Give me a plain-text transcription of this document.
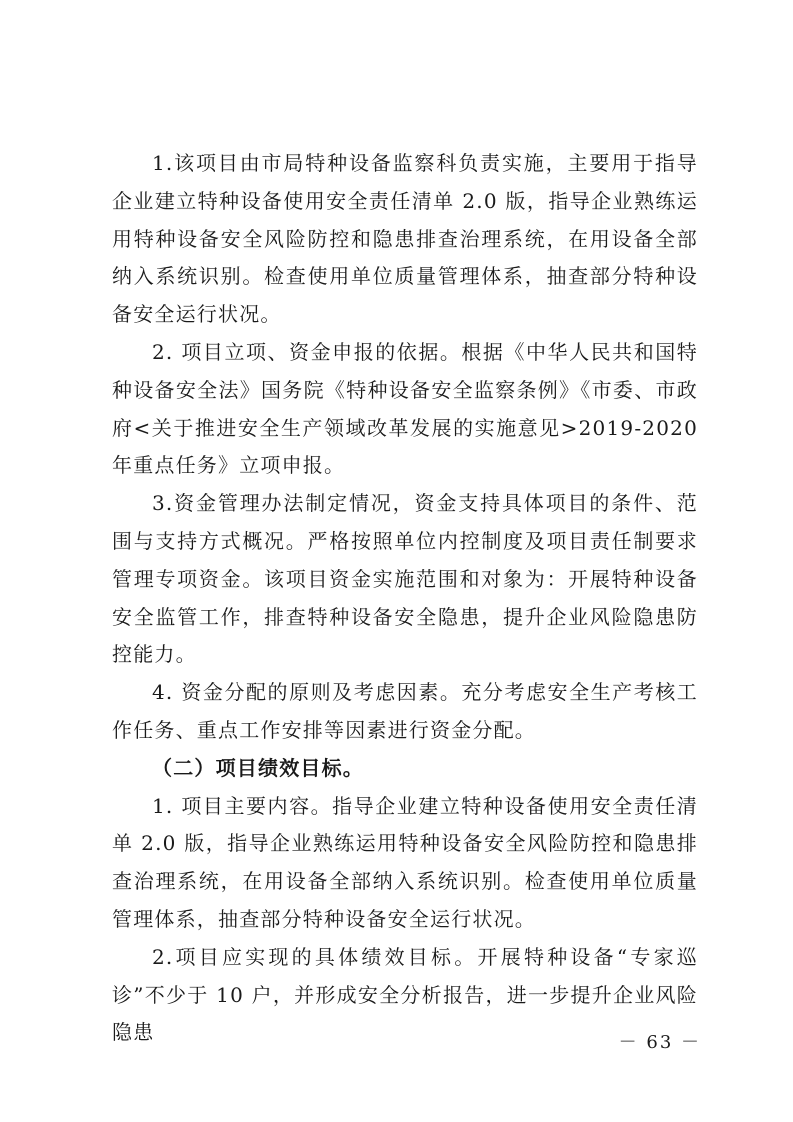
1.该项目由市局特种设备监察科负责实施，主要用于指导企业建立特种设备使用安全责任清单 2.0 版，指导企业熟练运用特种设备安全风险防控和隐患排查治理系统，在用设备全部纳入系统识别。检查使用单位质量管理体系，抽查部分特种设备安全运行状况。

2. 项目立项、资金申报的依据。根据《中华人民共和国特种设备安全法》国务院《特种设备安全监察条例》《市委、市政府<关于推进安全生产领域改革发展的实施意见>2019-2020 年重点任务》立项申报。

3.资金管理办法制定情况，资金支持具体项目的条件、范围与支持方式概况。严格按照单位内控制度及项目责任制要求管理专项资金。该项目资金实施范围和对象为：开展特种设备安全监管工作，排查特种设备安全隐患，提升企业风险隐患防控能力。

4. 资金分配的原则及考虑因素。充分考虑安全生产考核工作任务、重点工作安排等因素进行资金分配。

（二）项目绩效目标。

1. 项目主要内容。指导企业建立特种设备使用安全责任清单 2.0 版，指导企业熟练运用特种设备安全风险防控和隐患排查治理系统，在用设备全部纳入系统识别。检查使用单位质量管理体系，抽查部分特种设备安全运行状况。

2.项目应实现的具体绩效目标。开展特种设备“专家巡诊”不少于 10 户，并形成安全分析报告，进一步提升企业风险隐患	－ 63 －
